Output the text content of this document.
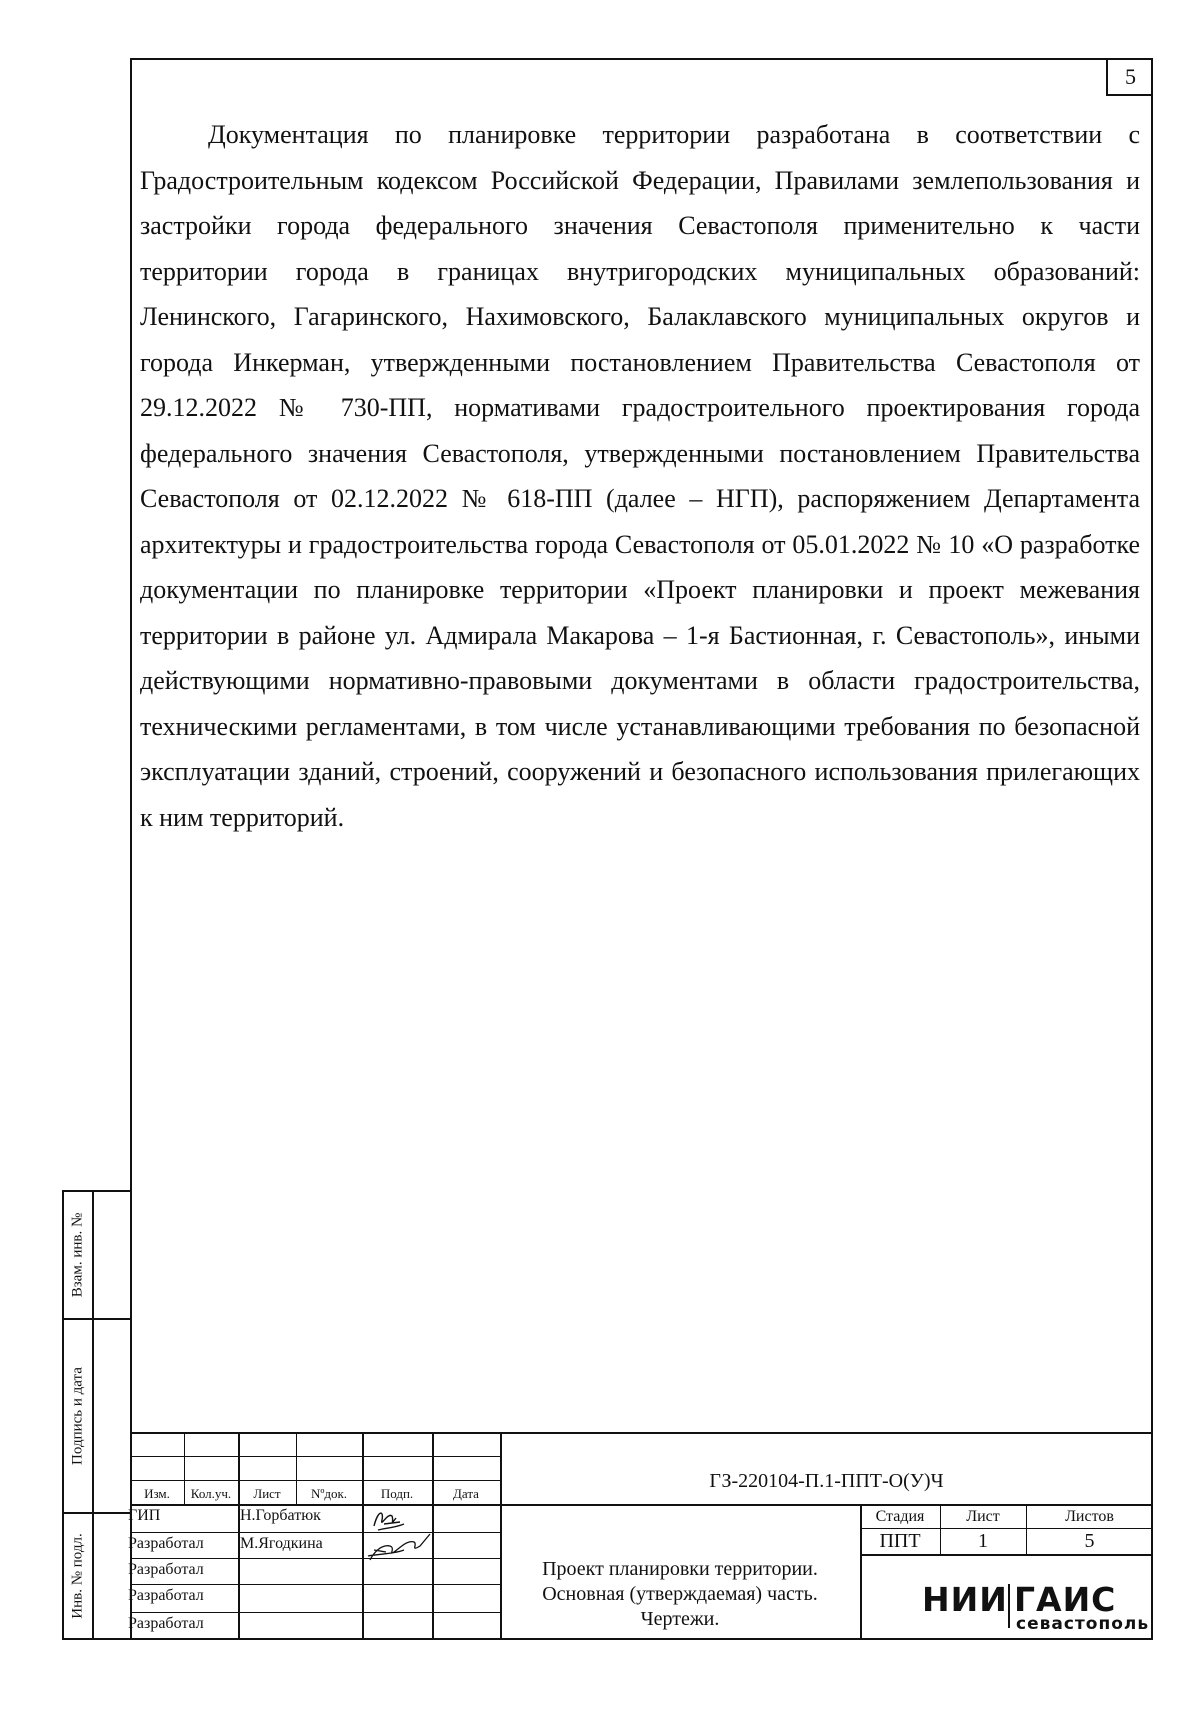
5

Документация по планировке территории разработана в соответствии с Градостроительным кодексом Российской Федерации, Правилами землепользования и застройки города федерального значения Севастополя применительно к части территории города в границах внутригородских муниципальных образований: Ленинского, Гагаринского, Нахимовского, Балаклавского муниципальных округов и города Инкерман, утвержденными постановлением Правительства Севастополя от 29.12.2022 № 730-ПП, нормативами градостроительного проектирования города федерального значения Севастополя, утвержденными постановлением Правительства Севастополя от 02.12.2022 № 618-ПП (далее – НГП), распоряжением Департамента архитектуры и градостроительства города Севастополя от 05.01.2022 № 10 «О разработке документации по планировке территории «Проект планировки и проект межевания территории в районе ул. Адмирала Макарова – 1-я Бастионная, г. Севастополь», иными действующими нормативно-правовыми документами в области градостроительства, техническими регламентами, в том числе устанавливающими требования по безопасной эксплуатации зданий, строений, сооружений и безопасного использования прилегающих к ним территорий.

Взам. инв. №
Подпись и дата
Инв. № подл.
Изм.	Кол.уч.	Лист	Nºдок.	Подп.	Дата
ГЗ-220104-П.1-ППТ-О(У)Ч
ГИП	Н.Горбатюк
Разработал М.Ягодкина
Разработал
Разработал
Разработал
Проект планировки территории.
Основная (утверждаемая) часть.
Чертежи.
Стадия	Лист	Листов
ППТ	1	5
НИИ ГАИС
севастополь
